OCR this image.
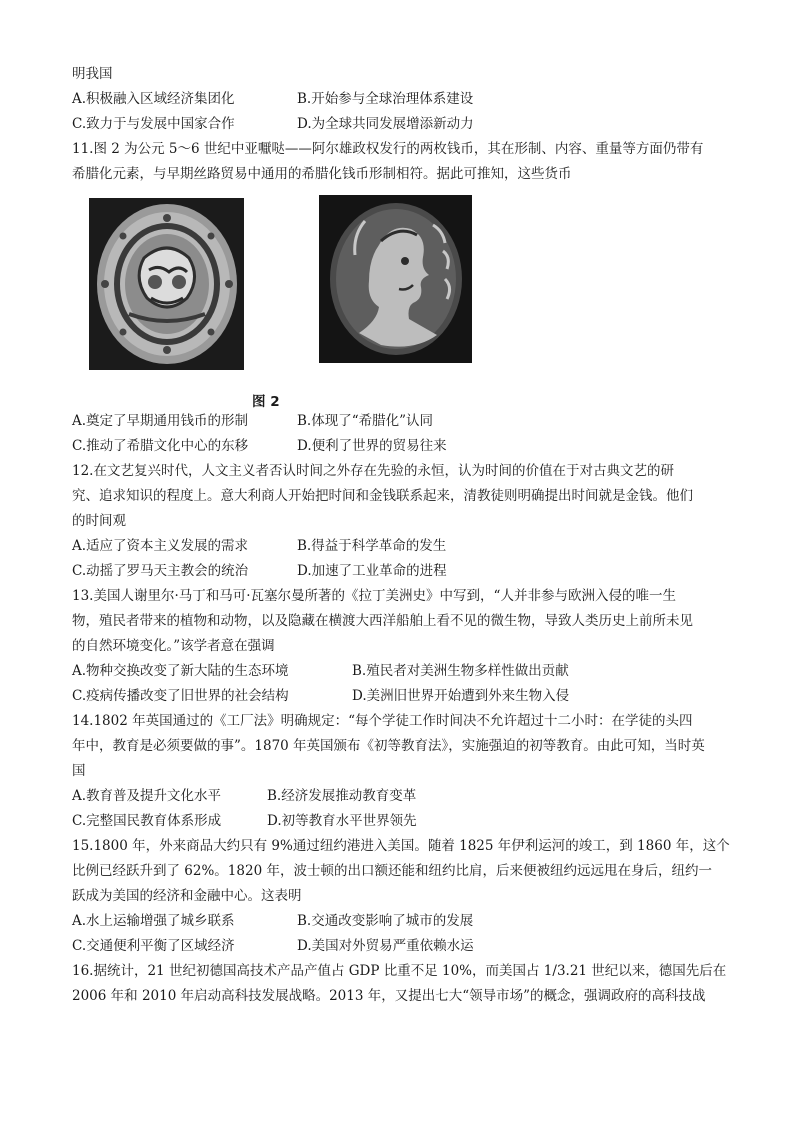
明我国
A.积极融入区域经济集团化	B.开始参与全球治理体系建设
C.致力于与发展中国家合作	D.为全球共同发展增添新动力
11.图 2 为公元 5～6 世纪中亚嚈哒——阿尔雄政权发行的两枚钱币，其在形制、内容、重量等方面仍带有
希腊化元素，与早期丝路贸易中通用的希腊化钱币形制相符。据此可推知，这些货币
图 2
A.奠定了早期通用钱币的形制	B.体现了“希腊化”认同
C.推动了希腊文化中心的东移	D.便利了世界的贸易往来
12.在文艺复兴时代，人文主义者否认时间之外存在先验的永恒，认为时间的价值在于对古典文艺的研
究、追求知识的程度上。意大利商人开始把时间和金钱联系起来，清教徒则明确提出时间就是金钱。他们
的时间观
A.适应了资本主义发展的需求	B.得益于科学革命的发生
C.动摇了罗马天主教会的统治	D.加速了工业革命的进程
13.美国人谢里尔·马丁和马可·瓦塞尔曼所著的《拉丁美洲史》中写到，“人并非参与欧洲入侵的唯一生
物，殖民者带来的植物和动物，以及隐藏在横渡大西洋船舶上看不见的微生物，导致人类历史上前所未见
的自然环境变化。”该学者意在强调
A.物种交换改变了新大陆的生态环境	B.殖民者对美洲生物多样性做出贡献
C.疫病传播改变了旧世界的社会结构	D.美洲旧世界开始遭到外来生物入侵
14.1802 年英国通过的《工厂法》明确规定：“每个学徒工作时间决不允许超过十二小时：在学徒的头四
年中，教育是必须要做的事”。1870 年英国颁布《初等教育法》，实施强迫的初等教育。由此可知，当时英
国
A.教育普及提升文化水平	B.经济发展推动教育变革
C.完整国民教育体系形成	D.初等教育水平世界领先
15.1800 年，外来商品大约只有 9%通过纽约港进入美国。随着 1825 年伊利运河的竣工，到 1860 年，这个
比例已经跃升到了 62%。1820 年，波士顿的出口额还能和纽约比肩，后来便被纽约远远甩在身后，纽约一
跃成为美国的经济和金融中心。这表明
A.水上运输增强了城乡联系	B.交通改变影响了城市的发展
C.交通便利平衡了区域经济	D.美国对外贸易严重依赖水运
16.据统计，21 世纪初德国高技术产品产值占 GDP 比重不足 10%，而美国占 1/3.21 世纪以来，德国先后在
2006 年和 2010 年启动高科技发展战略。2013 年，又提出七大“领导市场”的概念，强调政府的高科技战
